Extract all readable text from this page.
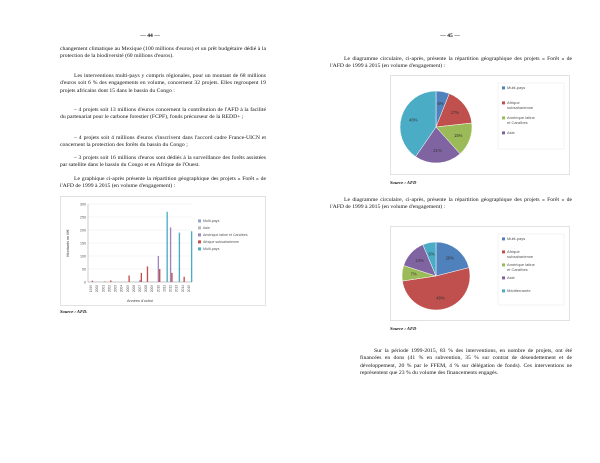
— 44 —
changement climatique au Mexique (100 millions d'euros) et un prêt budgétaire dédié à la protection de la biodiversité (60 millions d'euros).
Les interventions multi-pays y compris régionales, pour un montant de 68 millions d'euros soit 6 % des engagements en volume, concernent 32 projets. Elles regroupent 19 projets africains dont 15 dans le bassin du Congo :
– 4 projets soit 13 millions d'euros concernent la contribution de l'AFD à la facilité du partenariat pour le carbone forestier (FCPF), fonds précurseur de la REDD+ ;
– 4 projets soit 4 millions d'euros s'inscrivent dans l'accord cadre France-UICN et concernent la protection des forêts du bassin du Congo ;
– 3 projets soit 16 millions d'euros sont dédiés à la surveillance des forêts assistées par satellite dans le bassin du Congo et en Afrique de l'Ouest.
Le graphique ci-après présente la répartition géographique des projets « Forêt » de l'AFD de 1999 à 2015 (en volume d'engagement) :
0
50
100
150
200
250
300
1999 2000 2001 2002 2003 2004 2005 2006 2007 2008 2009 2010 2011 2012 2013 2014 2015
Montants en M€
Années d'octroi
Multi-pays
Asie
Amérique latine et Caraïbes
Afrique subsaharienne
Multi-pays
Source : AFD.
— 45 —
Le diagramme circulaire, ci-après, présente la répartition géographique des projets « Forêt » de l'AFD de 1999 à 2015 (en volume d'engagement) :
6%
17%
15%
21%
40%
Multi-pays
Afrique subsaharienne
Amérique latine et Caraïbes
Asie
Source : AFD
Le diagramme circulaire, ci-après, présente la répartition géographique des projets « Forêt » de l'AFD de 1999 à 2015 (en volume d'engagement) :
20%
49%
7%
13%
6%
Multi-pays
Afrique subsaharienne
Amérique latine et Caraïbes
Asie
Méditerranée
Source : AFD
Sur la période 1999-2015, 83 % des interventions, en nombre de projets, ont été financées en dons (41 % en subvention, 35 % sur contrat de désendettement et de développement, 20 % par le FFEM, 4 % sur délégation de fonds). Ces interventions ne représentent que 23 % du volume des financements engagés.
